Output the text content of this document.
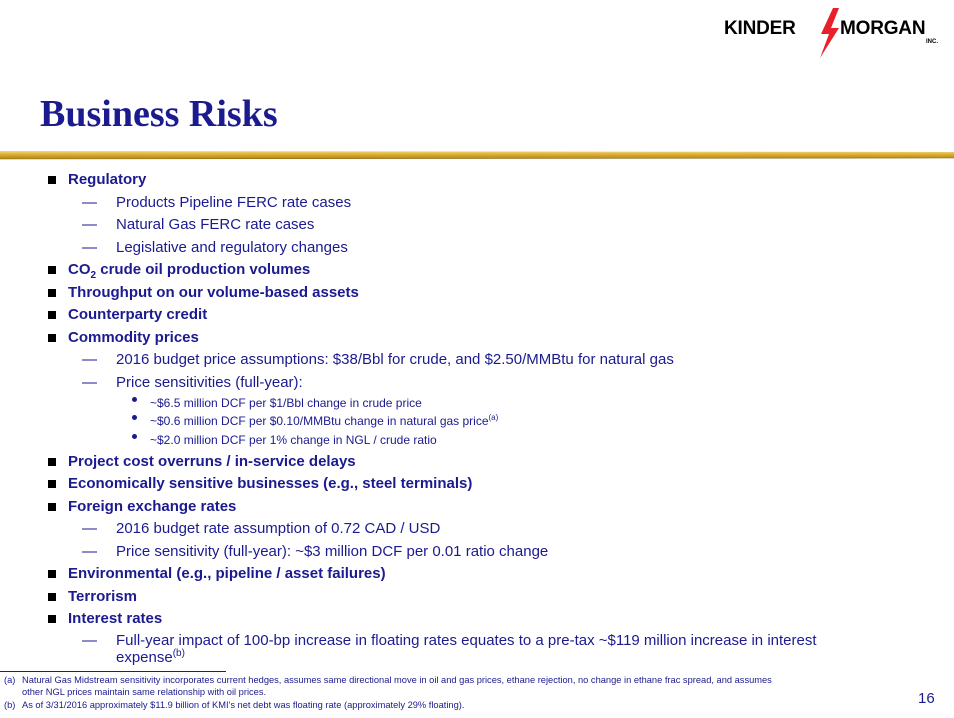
KINDER MORGAN
INC.
Business Risks
Regulatory
— Products Pipeline FERC rate cases
— Natural Gas FERC rate cases
— Legislative and regulatory changes
$CO_2$ crude oil production volumes
Throughput on our volume-based assets
Counterparty credit
Commodity prices
— 2016 budget price assumptions: $38/Bbl for crude, and $2.50/MMBtu for natural gas
— Price sensitivities (full-year):
~$6.5 million DCF per $1/Bbl change in crude price
~$0.6 million DCF per $0.10/MMBtu change in natural gas price$^{(a)}$
~$2.0 million DCF per 1% change in NGL / crude ratio
Project cost overruns / in-service delays
Economically sensitive businesses (e.g., steel terminals)
Foreign exchange rates
— 2016 budget rate assumption of 0.72 CAD / USD
— Price sensitivity (full-year): ~$3 million DCF per 0.01 ratio change
Environmental (e.g., pipeline / asset failures)
Terrorism
Interest rates
— Full-year impact of 100-bp increase in floating rates equates to a pre-tax ~$119 million increase in interest
expense$^{(b)}$
(a) Natural Gas Midstream sensitivity incorporates current hedges, assumes same directional move in oil and gas prices, ethane rejection, no change in ethane frac spread, and assumes
other NGL prices maintain same relationship with oil prices.
(b) As of 3/31/2016 approximately $11.9 billion of KMI's net debt was floating rate (approximately 29% floating).	16
